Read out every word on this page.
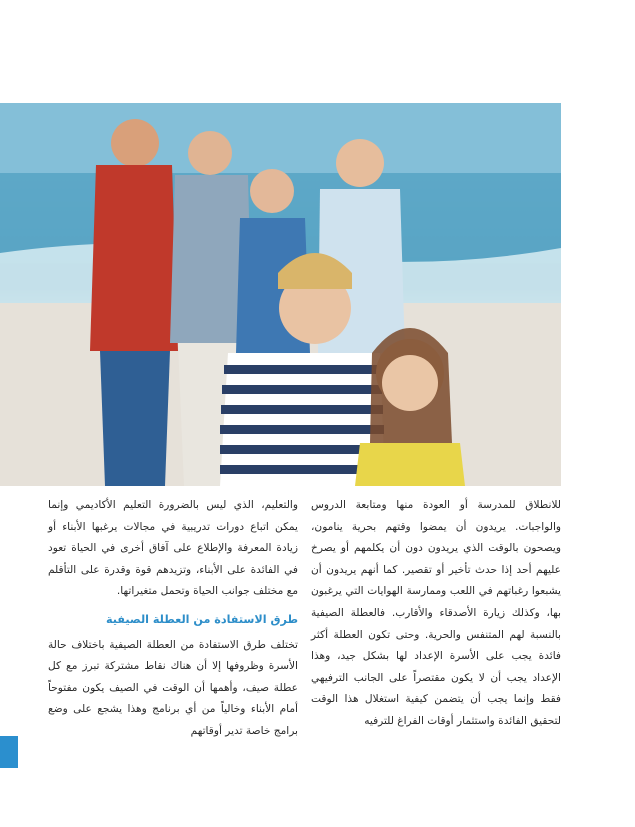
للانطلاق للمدرسة أو العودة منها ومتابعة الدروس والواجبات. يريدون أن يمضوا وقتهم بحرية ينامون، ويصحون بالوقت الذي يريدون دون أن يكلمهم أو يصرخ عليهم أحد إذا حدث تأخير أو تقصير. كما أنهم يريدون أن يشبعوا رغباتهم في اللعب وممارسة الهوايات التي يرغبون بها، وكذلك زيارة الأصدقاء والأقارب. فالعطلة الصيفية بالنسبة لهم المتنفس والحرية. وحتى تكون العطلة أكثر فائدة يجب على الأسرة الإعداد لها بشكل جيد، وهذا الإعداد يجب أن لا يكون مقتصراً على الجانب الترفيهي فقط وإنما يجب أن يتضمن كيفية استغلال هذا الوقت لتحقيق الفائدة واستثمار أوقات الفراغ للترفيه

والتعليم، الذي ليس بالضرورة التعليم الأكاديمي وإنما يمكن اتباع دورات تدريبية في مجالات يرغبها الأبناء أو زيادة المعرفة والإطلاع على آفاق أخرى في الحياة تعود في الفائدة على الأبناء، وتزيدهم قوة وقدرة على التأقلم مع مختلف جوانب الحياة وتحمل متغيراتها.

طرق الاستفادة من العطلة الصيفية

تختلف طرق الاستفادة من العطلة الصيفية باختلاف حالة الأسرة وظروفها إلا أن هناك نقاط مشتركة تبرز مع كل عطلة صيف، وأهمها أن الوقت في الصيف يكون مفتوحاً أمام الأبناء وخالياً من أي برنامج وهذا يشجع على وضع برامج خاصة تدير أوقاتهم
